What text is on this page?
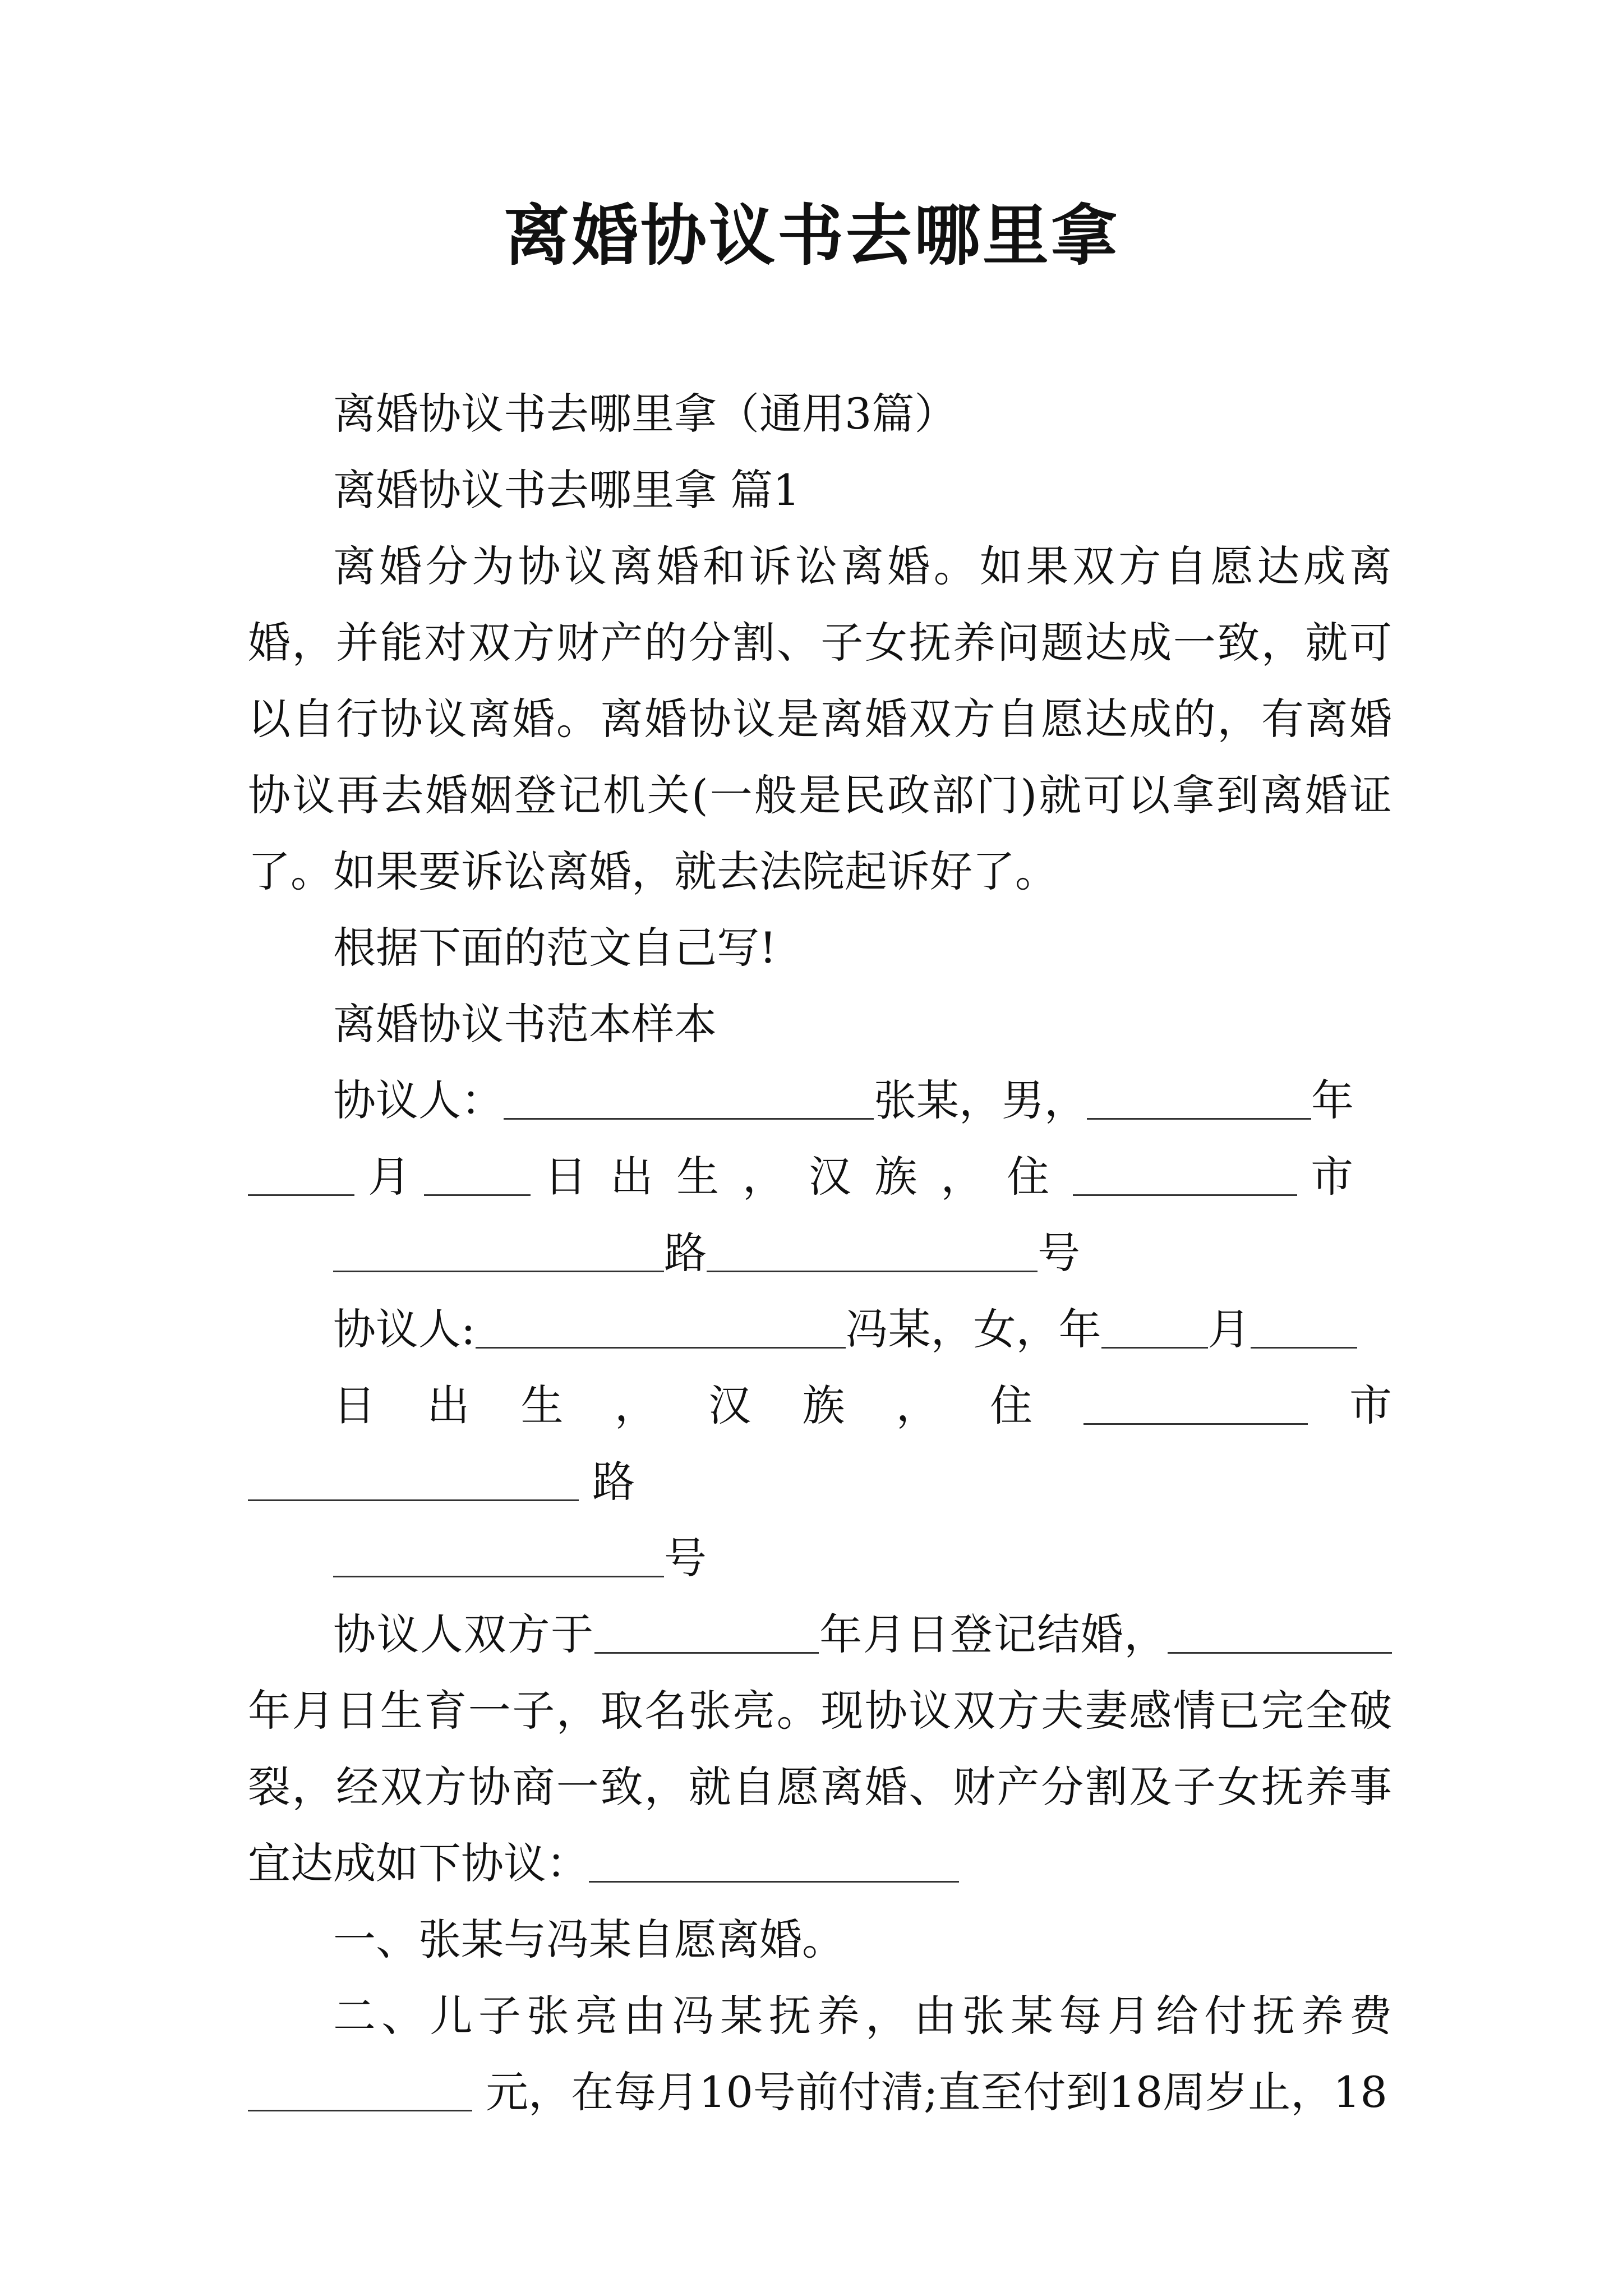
离婚协议书去哪里拿

离婚协议书去哪里拿（通用3篇）

离婚协议书去哪里拿 篇1

离婚分为协议离婚和诉讼离婚。如果双方自愿达成离婚，并能对双方财产的分割、子女抚养问题达成一致，就可以自行协议离婚。离婚协议是离婚双方自愿达成的，有离婚协议再去婚姻登记机关(一般是民政部门)就可以拿到离婚证了。如果要诉讼离婚，就去法院起诉好了。

根据下面的范文自己写!

离婚协议书范本样本

协议人：	张某，男，	年
月	日出生，汉族，住	市
路	号

协议人:	冯某，女，年	月
日出生，汉族，住	市  路
号

协议人双方于	年月日登记结婚，年月日生育一子，取名张亮。现协议双方夫妻感情已完全破裂，经双方协商一致，就自愿离婚、财产分割及子女抚养事宜达成如下协议：

一、张某与冯某自愿离婚。

二、儿子张亮由冯某抚养，由张某每月给付抚养费 元，在每月10号前付清;直至付到18周岁止，18
